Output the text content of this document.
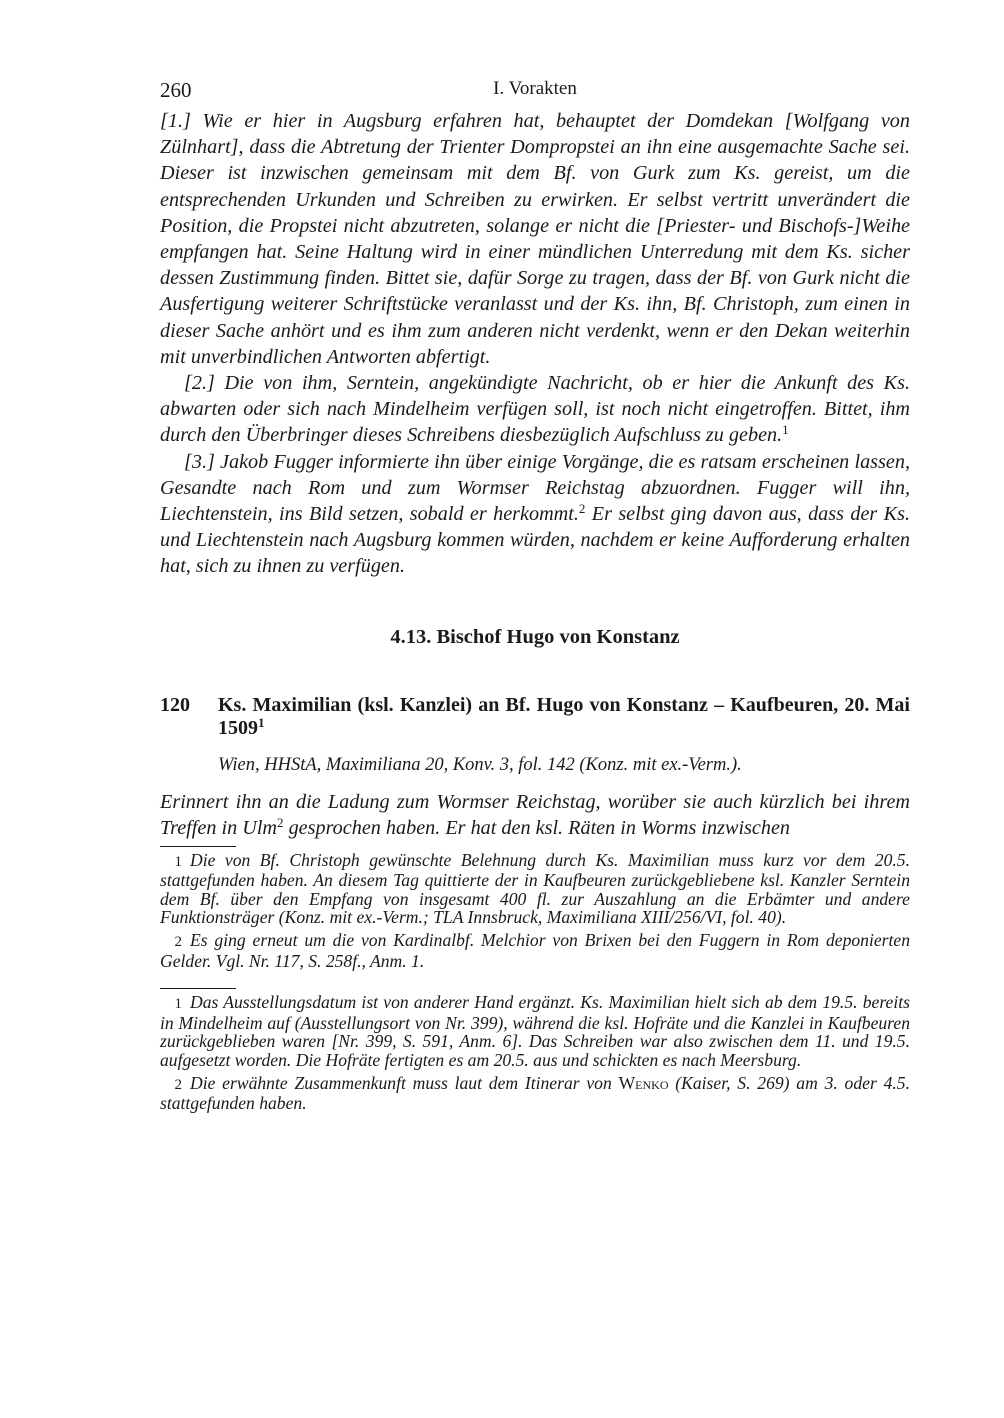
260	I. Vorakten

[1.] Wie er hier in Augsburg erfahren hat, behauptet der Domdekan [Wolfgang von Zülnhart], dass die Abtretung der Trienter Dompropstei an ihn eine ausgemachte Sache sei. Dieser ist inzwischen gemeinsam mit dem Bf. von Gurk zum Ks. gereist, um die entsprechenden Urkunden und Schreiben zu erwirken. Er selbst vertritt unverändert die Position, die Propstei nicht abzutreten, solange er nicht die [Priester- und Bischofs-]Weihe empfangen hat. Seine Haltung wird in einer mündlichen Unterredung mit dem Ks. sicher dessen Zustimmung finden. Bittet sie, dafür Sorge zu tragen, dass der Bf. von Gurk nicht die Ausfertigung weiterer Schriftstücke veranlasst und der Ks. ihn, Bf. Christoph, zum einen in dieser Sache anhört und es ihm zum anderen nicht verdenkt, wenn er den Dekan weiterhin mit unverbindlichen Antworten abfertigt.

[2.] Die von ihm, Serntein, angekündigte Nachricht, ob er hier die Ankunft des Ks. abwarten oder sich nach Mindelheim verfügen soll, ist noch nicht eingetroffen. Bittet, ihm durch den Überbringer dieses Schreibens diesbezüglich Aufschluss zu geben.$^1$

[3.] Jakob Fugger informierte ihn über einige Vorgänge, die es ratsam erscheinen lassen, Gesandte nach Rom und zum Wormser Reichstag abzuordnen. Fugger will ihn, Liechtenstein, ins Bild setzen, sobald er herkommt.$^2$ Er selbst ging davon aus, dass der Ks. und Liechtenstein nach Augsburg kommen würden, nachdem er keine Aufforderung erhalten hat, sich zu ihnen zu verfügen.

4.13. Bischof Hugo von Konstanz
120	Ks. Maximilian (ksl. Kanzlei) an Bf. Hugo von Konstanz – Kaufbeuren, 20. Mai 1509$^1$
Wien, HHStA, Maximiliana 20, Konv. 3, fol. 142 (Konz. mit ex.-Verm.).

Erinnert ihn an die Ladung zum Wormser Reichstag, worüber sie auch kürzlich bei ihrem Treffen in Ulm$^2$ gesprochen haben. Er hat den ksl. Räten in Worms inzwischen

1 Die von Bf. Christoph gewünschte Belehnung durch Ks. Maximilian muss kurz vor dem 20.5. stattgefunden haben. An diesem Tag quittierte der in Kaufbeuren zurückgebliebene ksl. Kanzler Serntein dem Bf. über den Empfang von insgesamt 400 fl. zur Auszahlung an die Erbämter und andere Funktionsträger (Konz. mit ex.-Verm.; TLA Innsbruck, Maximiliana XIII/256/VI, fol. 40).

2 Es ging erneut um die von Kardinalbf. Melchior von Brixen bei den Fuggern in Rom deponierten Gelder. Vgl. Nr. 117, S. 258f., Anm. 1.

1 Das Ausstellungsdatum ist von anderer Hand ergänzt. Ks. Maximilian hielt sich ab dem 19.5. bereits in Mindelheim auf (Ausstellungsort von Nr. 399), während die ksl. Hofräte und die Kanzlei in Kaufbeuren zurückgeblieben waren [Nr. 399, S. 591, Anm. 6]. Das Schreiben war also zwischen dem 11. und 19.5. aufgesetzt worden. Die Hofräte fertigten es am 20.5. aus und schickten es nach Meersburg.

2 Die erwähnte Zusammenkunft muss laut dem Itinerar von Wenko (Kaiser, S. 269) am 3. oder 4.5. stattgefunden haben.
